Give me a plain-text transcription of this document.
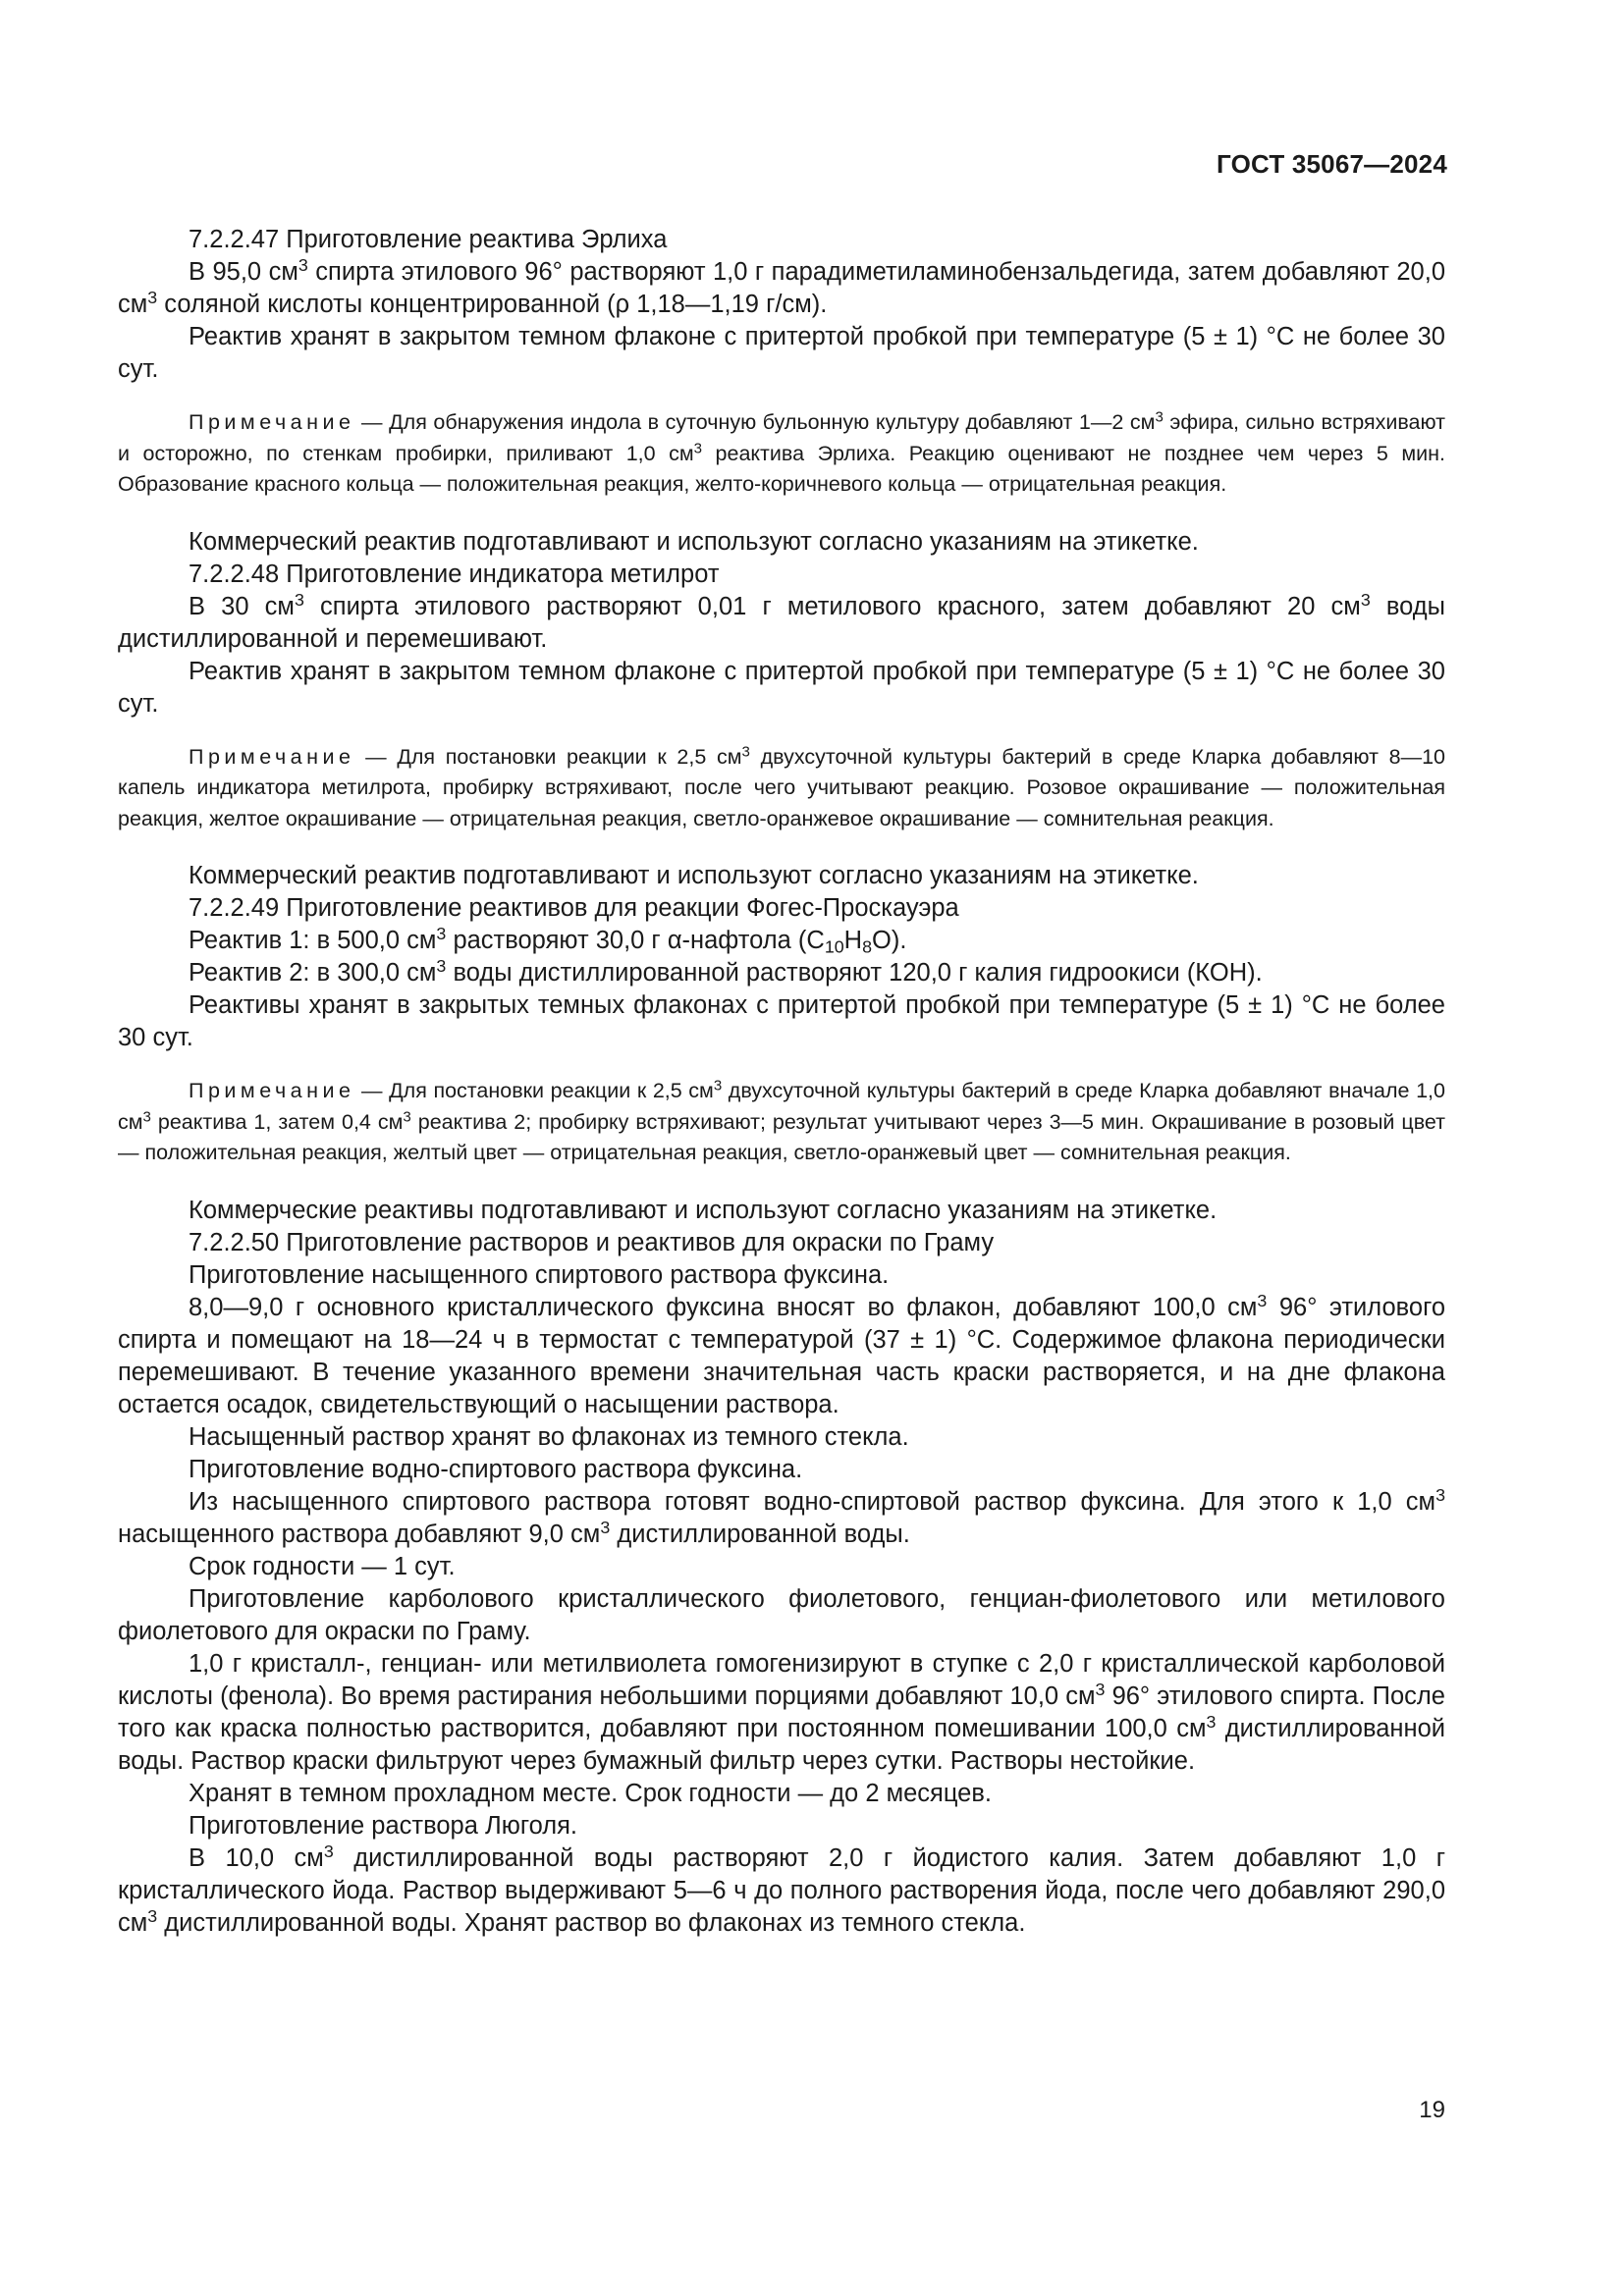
ГОСТ 35067—2024

7.2.2.47 Приготовление реактива Эрлиха

В 95,0 $см^3$ спирта этилового 96° растворяют 1,0 г парадиметиламинобензальдегида, затем добавляют 20,0 $см^3$ соляной кислоты концентрированной (ρ 1,18—1,19 г/см).

Реактив хранят в закрытом темном флаконе с притертой пробкой при температуре (5 ± 1) °С не более 30 сут.

Примечание — Для обнаружения индола в суточную бульонную культуру добавляют 1—2 $см^3$ эфира, сильно встряхивают и осторожно, по стенкам пробирки, приливают 1,0 $см^3$ реактива Эрлиха. Реакцию оценивают не позднее чем через 5 мин. Образование красного кольца — положительная реакция, желто-коричневого кольца — отрицательная реакция.

Коммерческий реактив подготавливают и используют согласно указаниям на этикетке.

7.2.2.48 Приготовление индикатора метилрот

В 30 $см^3$ спирта этилового растворяют 0,01 г метилового красного, затем добавляют 20 $см^3$ воды дистиллированной и перемешивают.

Реактив хранят в закрытом темном флаконе с притертой пробкой при температуре (5 ± 1) °С не более 30 сут.

Примечание — Для постановки реакции к 2,5 $см^3$ двухсуточной культуры бактерий в среде Кларка добавляют 8—10 капель индикатора метилрота, пробирку встряхивают, после чего учитывают реакцию. Розовое окрашивание — положительная реакция, желтое окрашивание — отрицательная реакция, светло-оранжевое окрашивание — сомнительная реакция.

Коммерческий реактив подготавливают и используют согласно указаниям на этикетке.

7.2.2.49 Приготовление реактивов для реакции Фогес-Проскауэра

Реактив 1: в 500,0 $см^3$ растворяют 30,0 г α-нафтола $(С_{10}Н_8О)$.

Реактив 2: в 300,0 $см^3$ воды дистиллированной растворяют 120,0 г калия гидроокиси (КОН).

Реактивы хранят в закрытых темных флаконах с притертой пробкой при температуре (5 ± 1) °С не более 30 сут.

Примечание — Для постановки реакции к 2,5 $см^3$ двухсуточной культуры бактерий в среде Кларка добавляют вначале 1,0 $см^3$ реактива 1, затем 0,4 $см^3$ реактива 2; пробирку встряхивают; результат учитывают через 3—5 мин. Окрашивание в розовый цвет — положительная реакция, желтый цвет — отрицательная реакция, светло-оранжевый цвет — сомнительная реакция.

Коммерческие реактивы подготавливают и используют согласно указаниям на этикетке.

7.2.2.50 Приготовление растворов и реактивов для окраски по Граму

Приготовление насыщенного спиртового раствора фуксина.

8,0—9,0 г основного кристаллического фуксина вносят во флакон, добавляют 100,0 $см^3$ 96° этилового спирта и помещают на 18—24 ч в термостат с температурой (37 ± 1) °С. Содержимое флакона периодически перемешивают. В течение указанного времени значительная часть краски растворяется, и на дне флакона остается осадок, свидетельствующий о насыщении раствора.

Насыщенный раствор хранят во флаконах из темного стекла.

Приготовление водно-спиртового раствора фуксина.

Из насыщенного спиртового раствора готовят водно-спиртовой раствор фуксина. Для этого к 1,0 $см^3$ насыщенного раствора добавляют 9,0 $см^3$ дистиллированной воды.

Срок годности — 1 сут.

Приготовление карболового кристаллического фиолетового, генциан-фиолетового или метилового фиолетового для окраски по Граму.

1,0 г кристалл-, генциан- или метилвиолета гомогенизируют в ступке с 2,0 г кристаллической карболовой кислоты (фенола). Во время растирания небольшими порциями добавляют 10,0 $см^3$ 96° этилового спирта. После того как краска полностью растворится, добавляют при постоянном помешивании 100,0 $см^3$ дистиллированной воды. Раствор краски фильтруют через бумажный фильтр через сутки. Растворы нестойкие.

Хранят в темном прохладном месте. Срок годности — до 2 месяцев.

Приготовление раствора Люголя.

В 10,0 $см^3$ дистиллированной воды растворяют 2,0 г йодистого калия. Затем добавляют 1,0 г кристаллического йода. Раствор выдерживают 5—6 ч до полного растворения йода, после чего добавляют 290,0 $см^3$ дистиллированной воды. Хранят раствор во флаконах из темного стекла.

19
